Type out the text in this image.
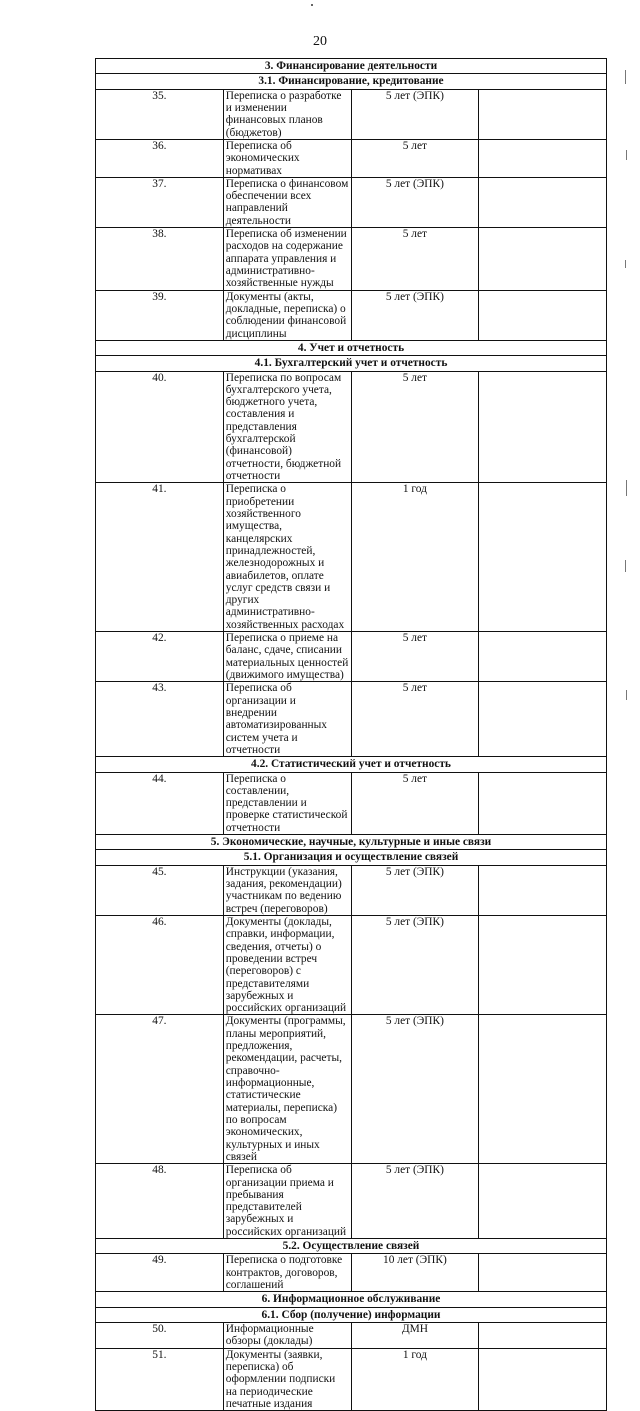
20
3. Финансирование деятельности			
3.1. Финансирование, кредитование			
35.	Переписка о разработке и изменении финансовых планов (бюджетов)	5 лет (ЭПК)	
36.	Переписка об экономических нормативах	5 лет	
37.	Переписка о финансовом обеспечении всех направлений деятельности	5 лет (ЭПК)	
38.	Переписка об изменении расходов на содержание аппарата управления и административно-хозяйственные нужды	5 лет	
39.	Документы (акты, докладные, переписка) о соблюдении финансовой дисциплины	5 лет (ЭПК)	
4. Учет и отчетность			
4.1. Бухгалтерский учет и отчетность			
40.	Переписка по вопросам бухгалтерского учета, бюджетного учета, составления и представления бухгалтерской (финансовой) отчетности, бюджетной отчетности	5 лет	
41.	Переписка о приобретении хозяйственного имущества, канцелярских принадлежностей, железнодорожных и авиабилетов, оплате услуг средств связи и других административно-хозяйственных расходах	1 год	
42.	Переписка о приеме на баланс, сдаче, списании материальных ценностей (движимого имущества)	5 лет	
43.	Переписка об организации и внедрении автоматизированных систем учета и отчетности	5 лет	
4.2. Статистический учет и отчетность			
44.	Переписка о составлении, представлении и проверке статистической отчетности	5 лет	
5. Экономические, научные, культурные и иные связи			
5.1. Организация и осуществление связей			
45.	Инструкции (указания, задания, рекомендации) участникам по ведению встреч (переговоров)	5 лет (ЭПК)	
46.	Документы (доклады, справки, информации, сведения, отчеты) о проведении встреч (переговоров) с представителями зарубежных и российских организаций	5 лет (ЭПК)	
47.	Документы (программы, планы мероприятий, предложения, рекомендации, расчеты, справочно-информационные, статистические материалы, переписка) по вопросам экономических, культурных и иных связей	5 лет (ЭПК)	
48.	Переписка об организации приема и пребывания представителей зарубежных и российских организаций	5 лет (ЭПК)	
5.2. Осуществление связей			
49.	Переписка о подготовке контрактов, договоров, соглашений	10 лет (ЭПК)	
6. Информационное обслуживание			
6.1. Сбор (получение) информации			
50.	Информационные обзоры (доклады)	ДМН	
51.	Документы (заявки, переписка) об оформлении подписки на периодические печатные издания	1 год	
